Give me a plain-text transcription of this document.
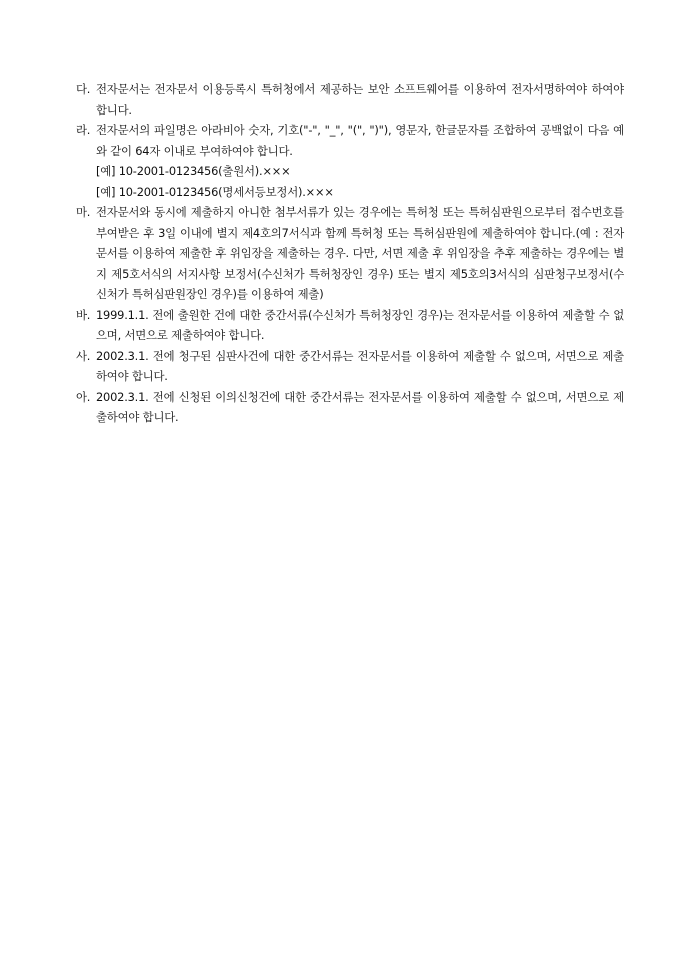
다. 전자문서는 전자문서 이용등록시 특허청에서 제공하는 보안 소프트웨어를 이용하여 전자서명하여야 하여야 합니다.
라. 전자문서의 파일명은 아라비아 숫자, 기호("-", "_", "(", ")"), 영문자, 한글문자를 조합하여 공백없이 다음 예와 같이 64자 이내로 부여하여야 합니다.
[예] 10-2001-0123456(출원서).×××
[예] 10-2001-0123456(명세서등보정서).×××
마. 전자문서와 동시에 제출하지 아니한 첨부서류가 있는 경우에는 특허청 또는 특허심판원으로부터 접수번호를 부여받은 후 3일 이내에 별지 제4호의7서식과 함께 특허청 또는 특허심판원에 제출하여야 합니다.(예 : 전자문서를 이용하여 제출한 후 위임장을 제출하는 경우. 다만, 서면 제출 후 위임장을 추후 제출하는 경우에는 별지 제5호서식의 서지사항 보정서(수신처가 특허청장인 경우) 또는 별지 제5호의3서식의 심판청구보정서(수신처가 특허심판원장인 경우)를 이용하여 제출)
바. 1999.1.1. 전에 출원한 건에 대한 중간서류(수신처가 특허청장인 경우)는 전자문서를 이용하여 제출할 수 없으며, 서면으로 제출하여야 합니다.
사. 2002.3.1. 전에 청구된 심판사건에 대한 중간서류는 전자문서를 이용하여 제출할 수 없으며, 서면으로 제출하여야 합니다.
아. 2002.3.1. 전에 신청된 이의신청건에 대한 중간서류는 전자문서를 이용하여 제출할 수 없으며, 서면으로 제출하여야 합니다.
